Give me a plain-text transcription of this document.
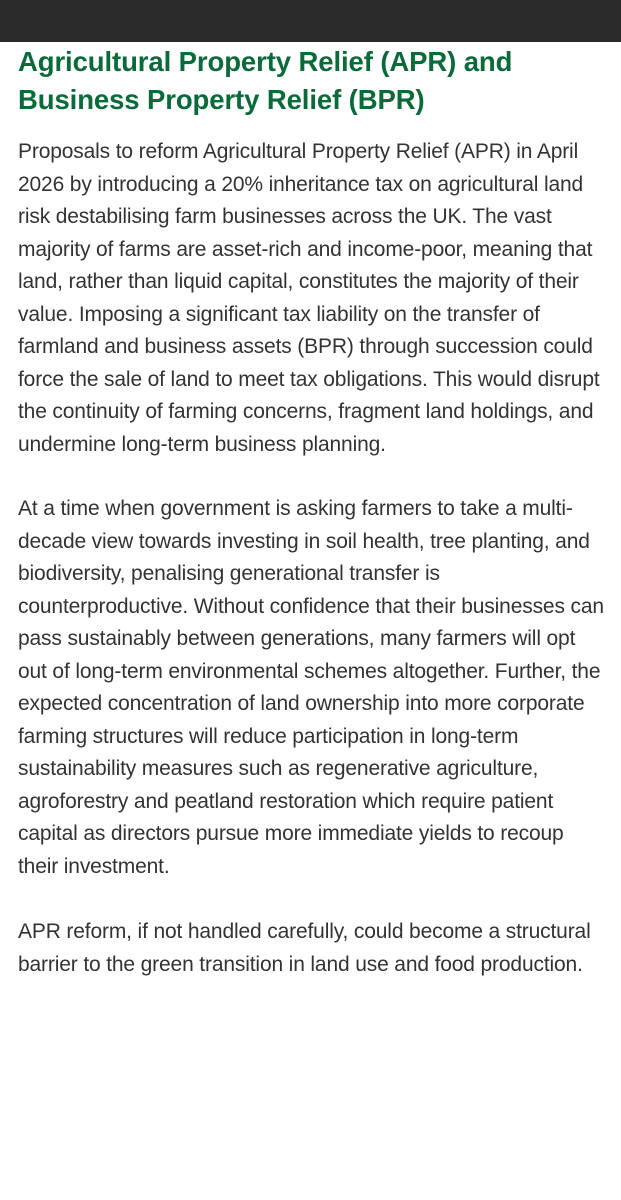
Agricultural Property Relief (APR) and Business Property Relief (BPR)

Proposals to reform Agricultural Property Relief (APR) in April 2026 by introducing a 20% inheritance tax on agricultural land risk destabilising farm businesses across the UK. The vast majority of farms are asset-rich and income-poor, meaning that land, rather than liquid capital, constitutes the majority of their value. Imposing a significant tax liability on the transfer of farmland and business assets (BPR) through succession could force the sale of land to meet tax obligations. This would disrupt the continuity of farming concerns, fragment land holdings, and undermine long-term business planning.

At a time when government is asking farmers to take a multi-decade view towards investing in soil health, tree planting, and biodiversity, penalising generational transfer is counterproductive. Without confidence that their businesses can pass sustainably between generations, many farmers will opt out of long-term environmental schemes altogether. Further, the expected concentration of land ownership into more corporate farming structures will reduce participation in long-term sustainability measures such as regenerative agriculture, agroforestry and peatland restoration which require patient capital as directors pursue more immediate yields to recoup their investment.

APR reform, if not handled carefully, could become a structural barrier to the green transition in land use and food production.
